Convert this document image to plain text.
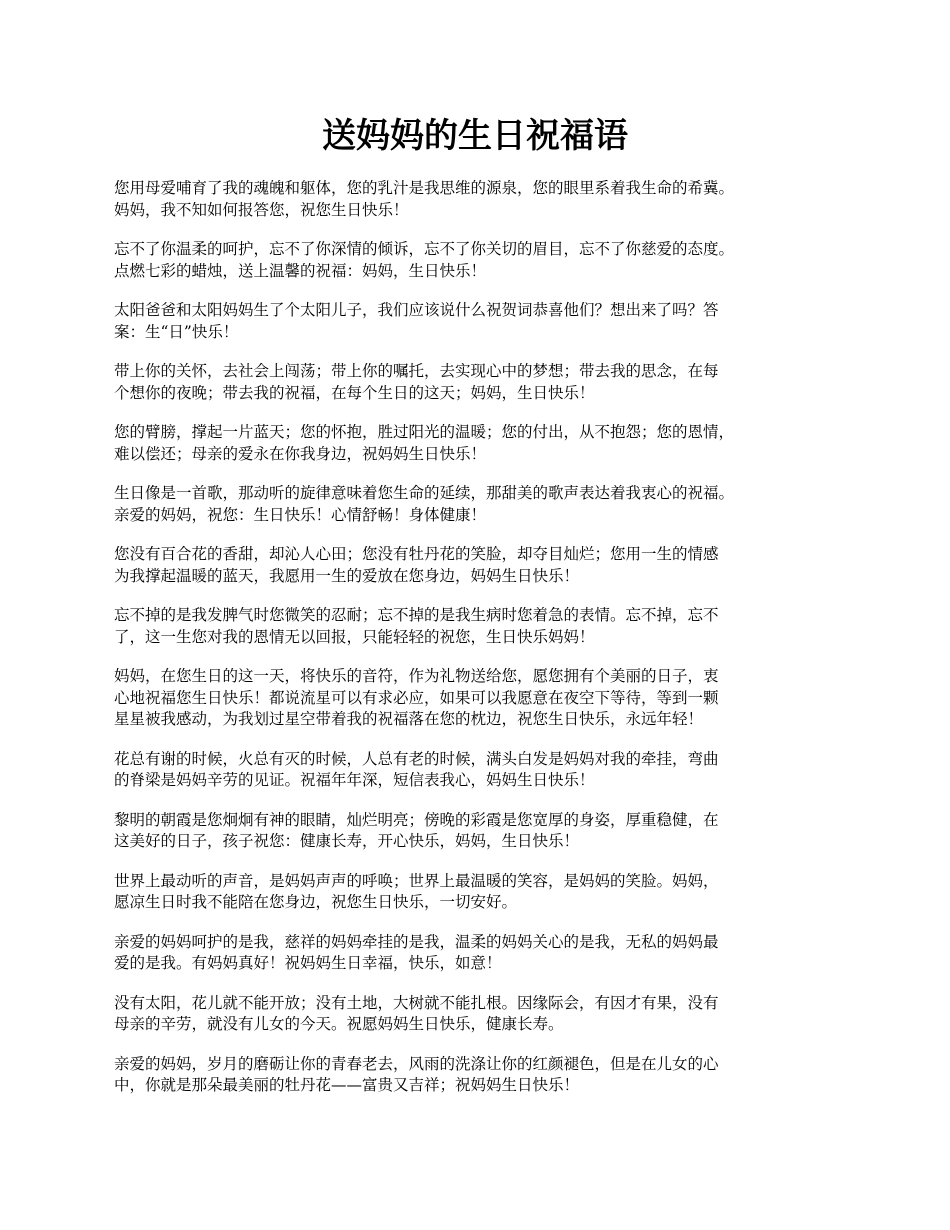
送妈妈的生日祝福语

您用母爱哺育了我的魂魄和躯体，您的乳汁是我思维的源泉，您的眼里系着我生命的希冀。
妈妈，我不知如何报答您，祝您生日快乐！

忘不了你温柔的呵护，忘不了你深情的倾诉，忘不了你关切的眉目，忘不了你慈爱的态度。
点燃七彩的蜡烛，送上温馨的祝福：妈妈，生日快乐！

太阳爸爸和太阳妈妈生了个太阳儿子，我们应该说什么祝贺词恭喜他们？想出来了吗？答
案：生“日”快乐！

带上你的关怀，去社会上闯荡；带上你的嘱托，去实现心中的梦想；带去我的思念，在每
个想你的夜晚；带去我的祝福，在每个生日的这天；妈妈，生日快乐！

您的臂膀，撑起一片蓝天；您的怀抱，胜过阳光的温暖；您的付出，从不抱怨；您的恩情，
难以偿还；母亲的爱永在你我身边，祝妈妈生日快乐！

生日像是一首歌，那动听的旋律意味着您生命的延续，那甜美的歌声表达着我衷心的祝福。
亲爱的妈妈，祝您：生日快乐！心情舒畅！身体健康！

您没有百合花的香甜，却沁人心田；您没有牡丹花的笑脸，却夺目灿烂；您用一生的情感
为我撑起温暖的蓝天，我愿用一生的爱放在您身边，妈妈生日快乐！

忘不掉的是我发脾气时您微笑的忍耐；忘不掉的是我生病时您着急的表情。忘不掉，忘不
了，这一生您对我的恩情无以回报，只能轻轻的祝您，生日快乐妈妈！

妈妈，在您生日的这一天，将快乐的音符，作为礼物送给您，愿您拥有个美丽的日子，衷
心地祝福您生日快乐！都说流星可以有求必应，如果可以我愿意在夜空下等待，等到一颗
星星被我感动，为我划过星空带着我的祝福落在您的枕边，祝您生日快乐，永远年轻！

花总有谢的时候，火总有灭的时候，人总有老的时候，满头白发是妈妈对我的牵挂，弯曲
的脊梁是妈妈辛劳的见证。祝福年年深，短信表我心，妈妈生日快乐！

黎明的朝霞是您炯炯有神的眼睛，灿烂明亮；傍晚的彩霞是您宽厚的身姿，厚重稳健，在
这美好的日子，孩子祝您：健康长寿，开心快乐，妈妈，生日快乐！

世界上最动听的声音，是妈妈声声的呼唤；世界上最温暖的笑容，是妈妈的笑脸。妈妈，
愿凉生日时我不能陪在您身边，祝您生日快乐，一切安好。

亲爱的妈妈呵护的是我，慈祥的妈妈牵挂的是我，温柔的妈妈关心的是我，无私的妈妈最
爱的是我。有妈妈真好！祝妈妈生日幸福，快乐，如意！

没有太阳，花儿就不能开放；没有土地，大树就不能扎根。因缘际会，有因才有果，没有
母亲的辛劳，就没有儿女的今天。祝愿妈妈生日快乐，健康长寿。

亲爱的妈妈，岁月的磨砺让你的青春老去，风雨的洗涤让你的红颜褪色，但是在儿女的心
中，你就是那朵最美丽的牡丹花——富贵又吉祥；祝妈妈生日快乐！
